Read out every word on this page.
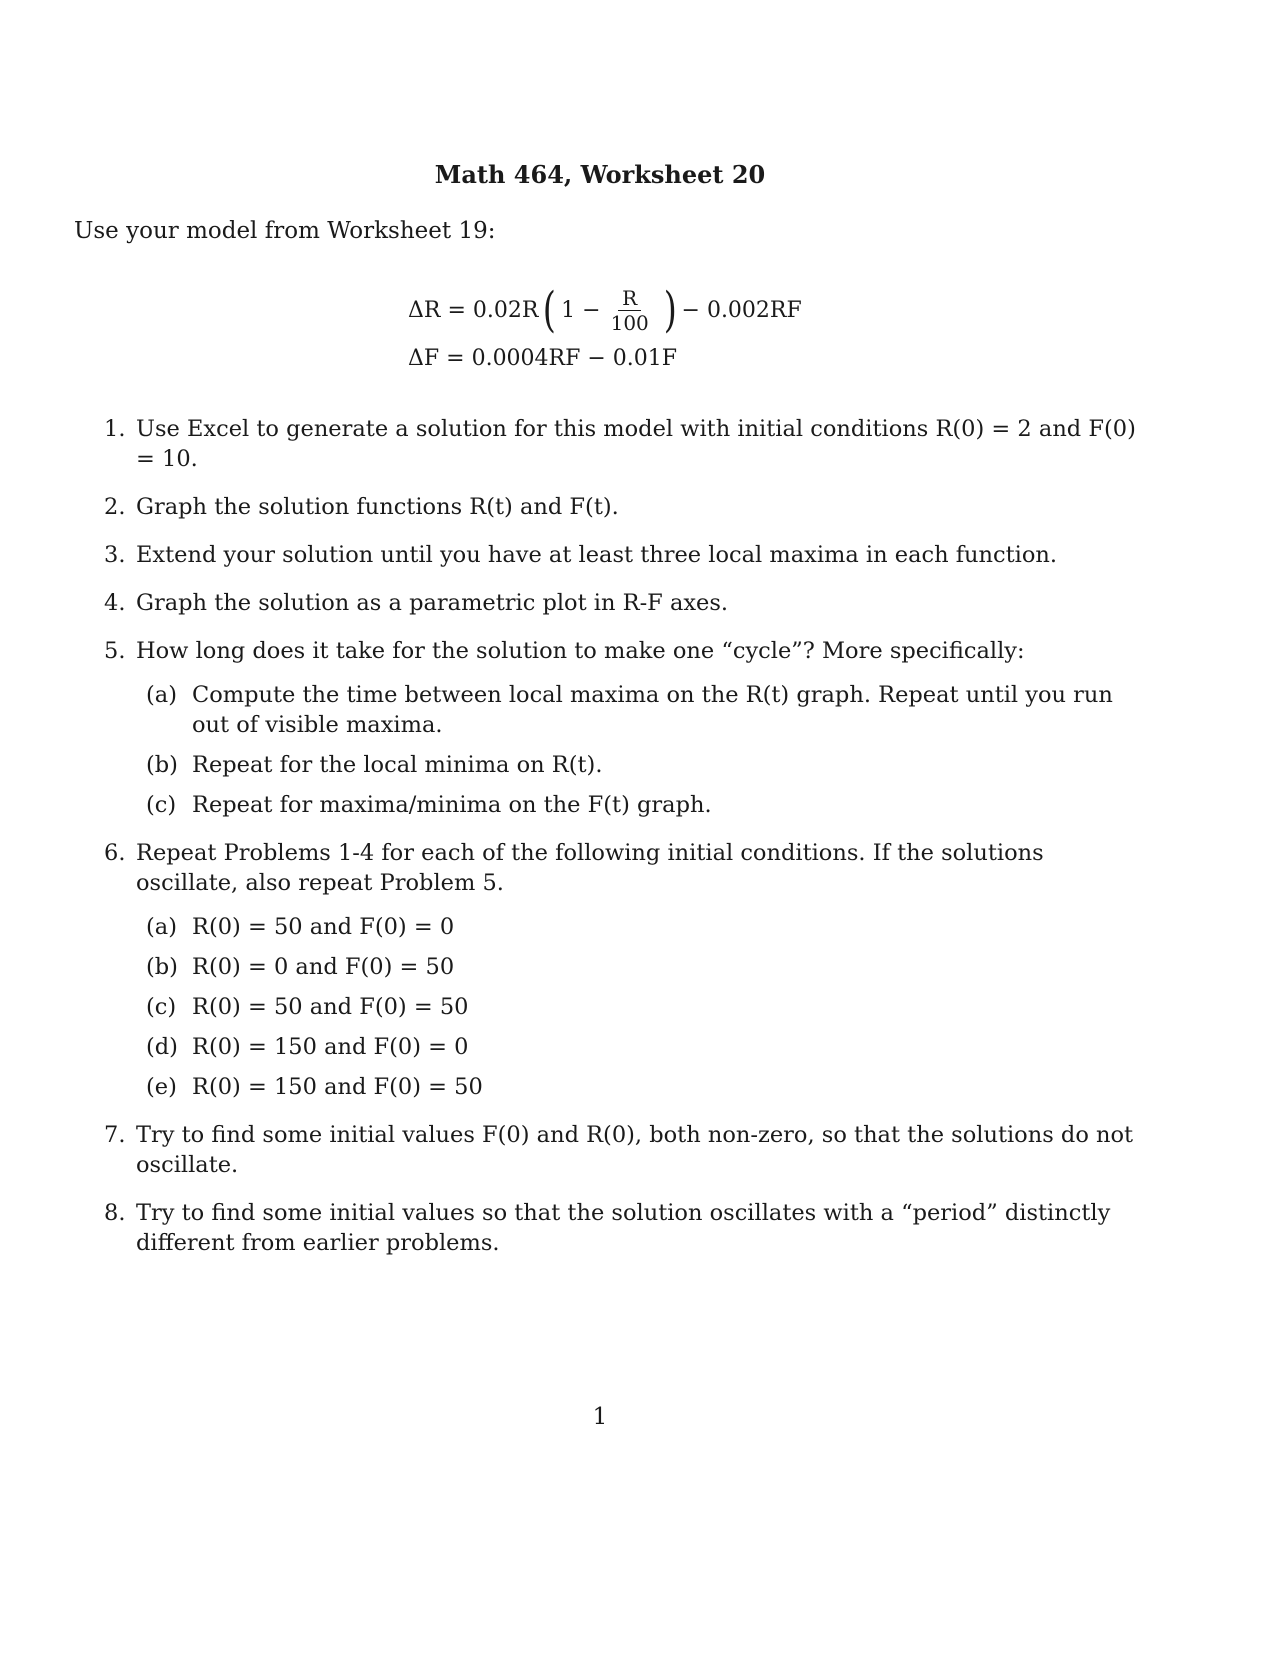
Math 464, Worksheet 20
Use your model from Worksheet 19:
ΔR = 0.02R ( $1 - \frac{R}{100}$ ) − 0.002RF
ΔF = 0.0004RF − 0.01F
1. Use Excel to generate a solution for this model with initial conditions R(0) = 2 and F(0) = 10.
2. Graph the solution functions R(t) and F(t).
3. Extend your solution until you have at least three local maxima in each function.
4. Graph the solution as a parametric plot in R-F axes.
5. How long does it take for the solution to make one “cycle”? More specifically:
(a) Compute the time between local maxima on the R(t) graph. Repeat until you run out of visible maxima.
(b) Repeat for the local minima on R(t).
(c) Repeat for maxima/minima on the F(t) graph.
6. Repeat Problems 1-4 for each of the following initial conditions. If the solutions oscillate, also repeat Problem 5.
(a) R(0) = 50 and F(0) = 0
(b) R(0) = 0 and F(0) = 50
(c) R(0) = 50 and F(0) = 50
(d) R(0) = 150 and F(0) = 0
(e) R(0) = 150 and F(0) = 50
7. Try to find some initial values F(0) and R(0), both non-zero, so that the solutions do not oscillate.
8. Try to find some initial values so that the solution oscillates with a “period” distinctly different from earlier problems.
1
